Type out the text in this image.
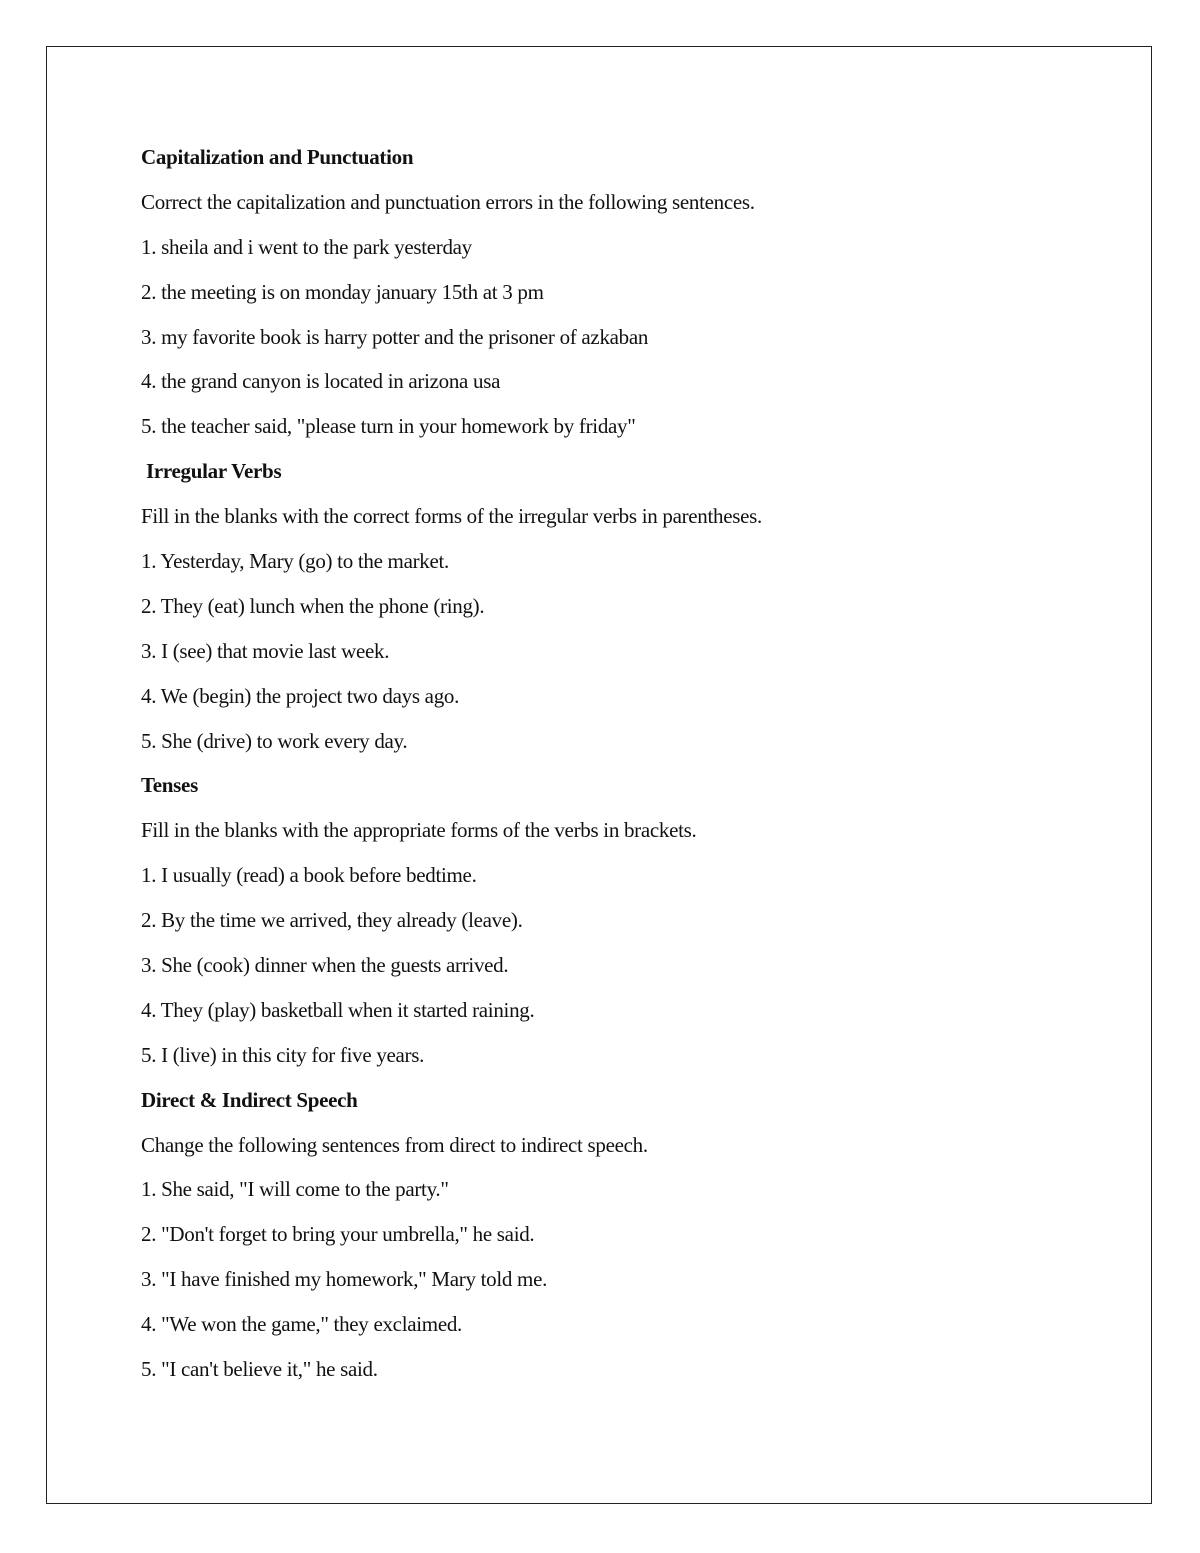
Capitalization and Punctuation
Correct the capitalization and punctuation errors in the following sentences.
1. sheila and i went to the park yesterday
2. the meeting is on monday january 15th at 3 pm
3. my favorite book is harry potter and the prisoner of azkaban
4. the grand canyon is located in arizona usa
5. the teacher said, "please turn in your homework by friday"
Irregular Verbs
Fill in the blanks with the correct forms of the irregular verbs in parentheses.
1. Yesterday, Mary (go) to the market.
2. They (eat) lunch when the phone (ring).
3. I (see) that movie last week.
4. We (begin) the project two days ago.
5. She (drive) to work every day.
Tenses
Fill in the blanks with the appropriate forms of the verbs in brackets.
1. I usually (read) a book before bedtime.
2. By the time we arrived, they already (leave).
3. She (cook) dinner when the guests arrived.
4. They (play) basketball when it started raining.
5. I (live) in this city for five years.
Direct & Indirect Speech
Change the following sentences from direct to indirect speech.
1. She said, "I will come to the party."
2. "Don't forget to bring your umbrella," he said.
3. "I have finished my homework," Mary told me.
4. "We won the game," they exclaimed.
5. "I can't believe it," he said.
